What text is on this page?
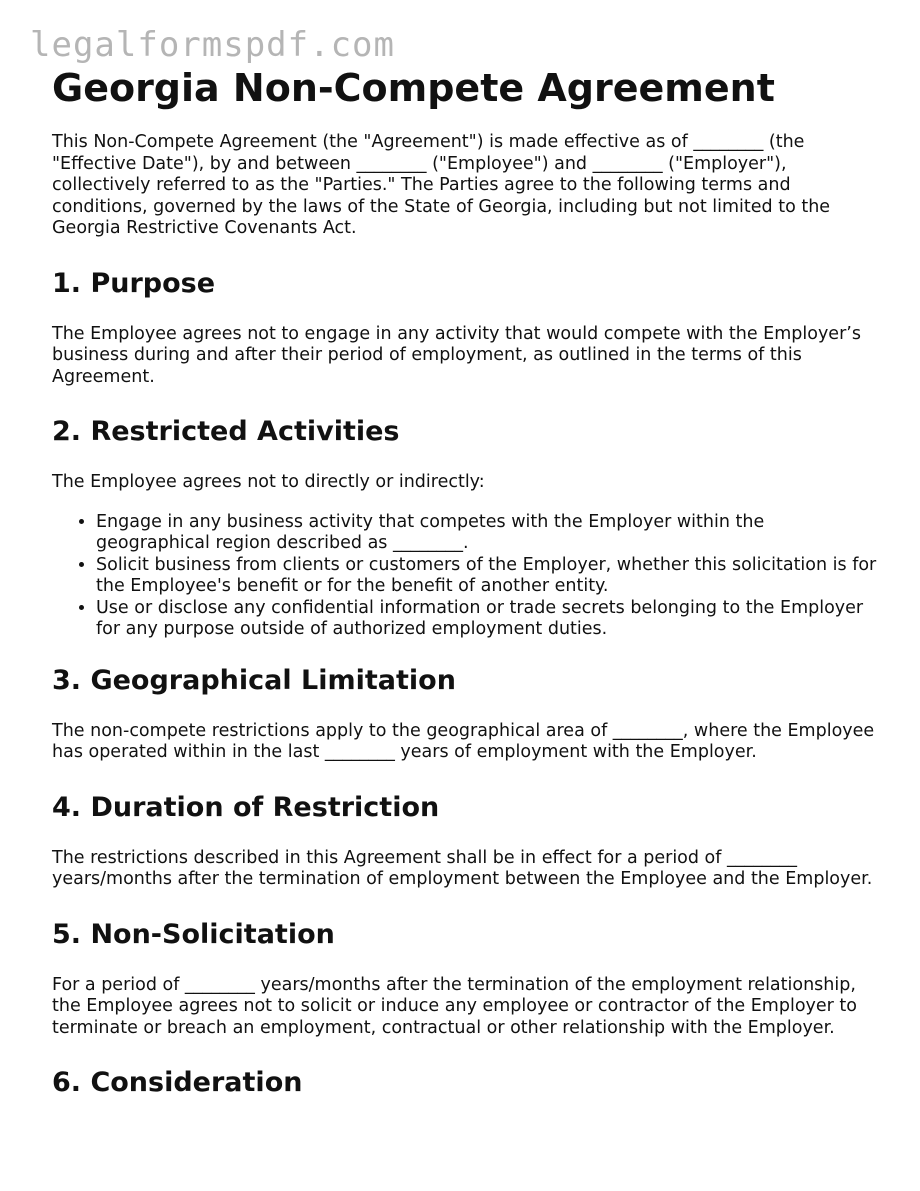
legalformspdf.com
Georgia Non-Compete Agreement

This Non-Compete Agreement (the "Agreement") is made effective as of ________ (the "Effective Date"), by and between ________ ("Employee") and ________ ("Employer"), collectively referred to as the "Parties." The Parties agree to the following terms and conditions, governed by the laws of the State of Georgia, including but not limited to the Georgia Restrictive Covenants Act.

1. Purpose

The Employee agrees not to engage in any activity that would compete with the Employer’s business during and after their period of employment, as outlined in the terms of this Agreement.

2. Restricted Activities

The Employee agrees not to directly or indirectly:

• Engage in any business activity that competes with the Employer within the geographical region described as ________.
• Solicit business from clients or customers of the Employer, whether this solicitation is for the Employee's benefit or for the benefit of another entity.
• Use or disclose any confidential information or trade secrets belonging to the Employer for any purpose outside of authorized employment duties.
3. Geographical Limitation

The non-compete restrictions apply to the geographical area of ________, where the Employee has operated within in the last ________ years of employment with the Employer.

4. Duration of Restriction

The restrictions described in this Agreement shall be in effect for a period of ________ years/months after the termination of employment between the Employee and the Employer.

5. Non-Solicitation

For a period of ________ years/months after the termination of the employment relationship, the Employee agrees not to solicit or induce any employee or contractor of the Employer to terminate or breach an employment, contractual or other relationship with the Employer.

6. Consideration
